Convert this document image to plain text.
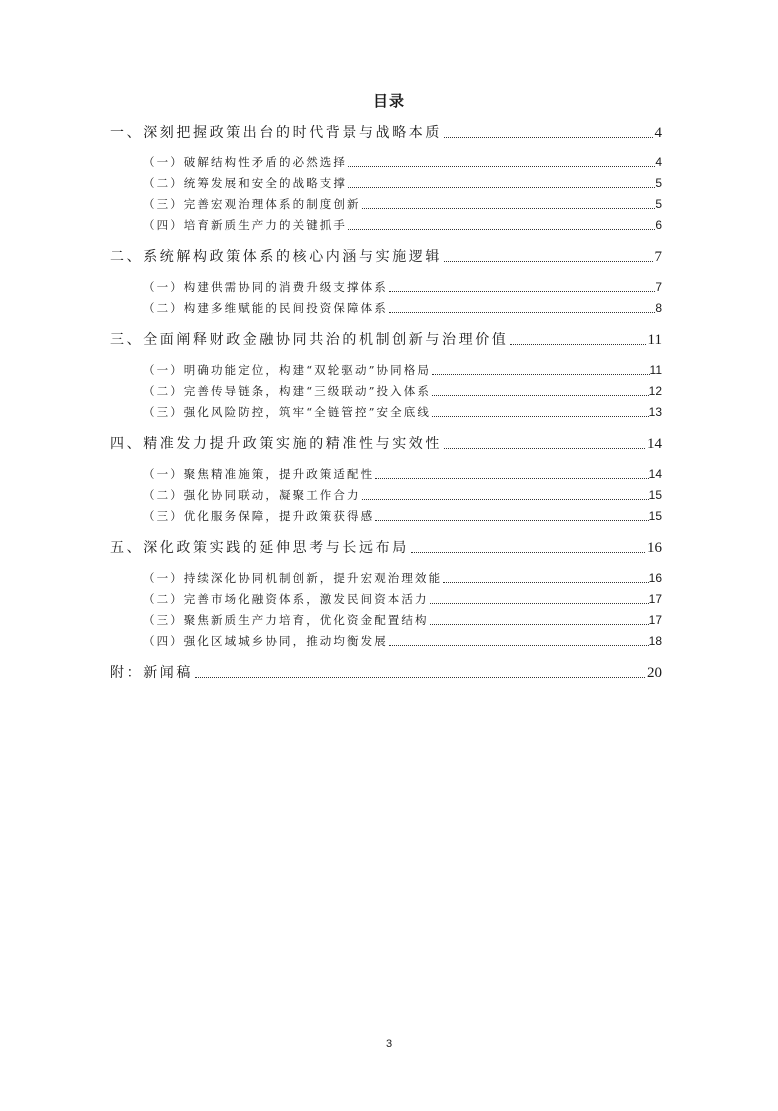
目录
一、深刻把握政策出台的时代背景与战略本质	4
（一）破解结构性矛盾的必然选择	4
（二）统筹发展和安全的战略支撑	5
（三）完善宏观治理体系的制度创新	5
（四）培育新质生产力的关键抓手	6
二、系统解构政策体系的核心内涵与实施逻辑	7
（一）构建供需协同的消费升级支撑体系	7
（二）构建多维赋能的民间投资保障体系	8
三、全面阐释财政金融协同共治的机制创新与治理价值	11
（一）明确功能定位，构建“双轮驱动”协同格局	11
（二）完善传导链条，构建“三级联动”投入体系	12
（三）强化风险防控，筑牢“全链管控”安全底线	13
四、精准发力提升政策实施的精准性与实效性	14
（一）聚焦精准施策，提升政策适配性	14
（二）强化协同联动，凝聚工作合力	15
（三）优化服务保障，提升政策获得感	15
五、深化政策实践的延伸思考与长远布局	16
（一）持续深化协同机制创新，提升宏观治理效能	16
（二）完善市场化融资体系，激发民间资本活力	17
（三）聚焦新质生产力培育，优化资金配置结构	17
（四）强化区域城乡协同，推动均衡发展	18
附：新闻稿	20
3
